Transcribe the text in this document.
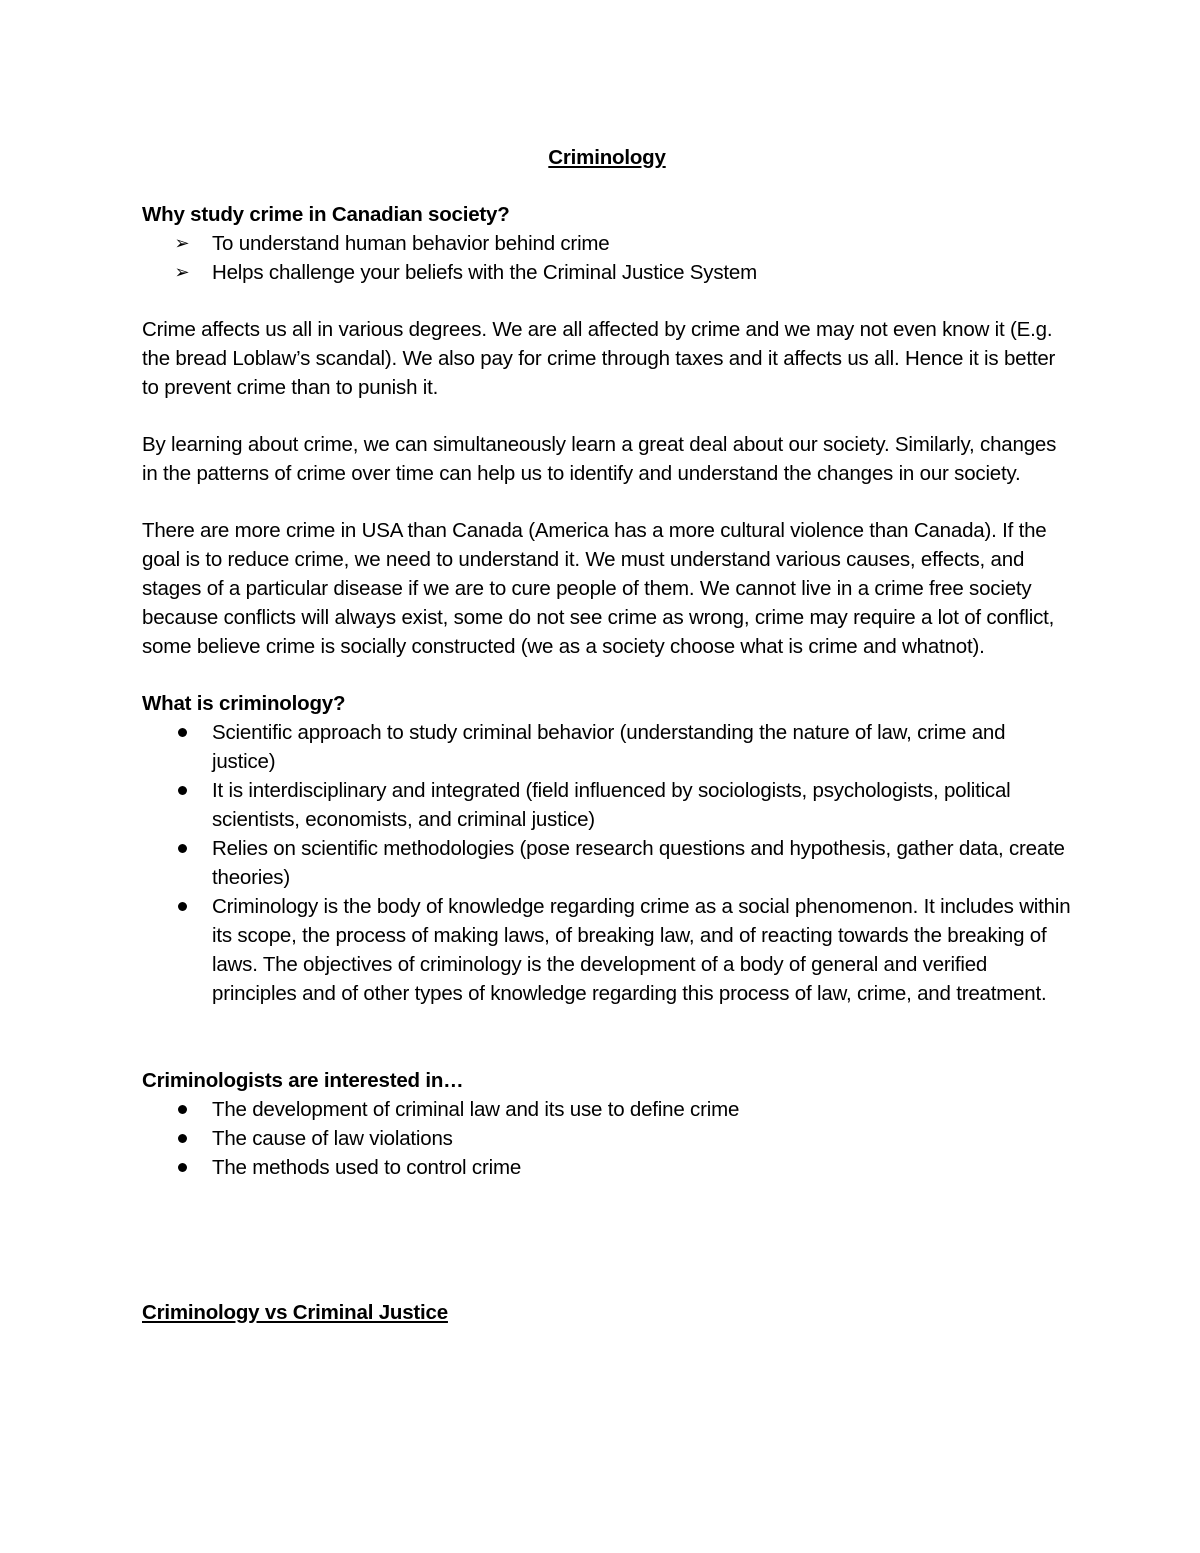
Criminology

Why study crime in Canadian society?

➢ To understand human behavior behind crime
➢ Helps challenge your beliefs with the Criminal Justice System

Crime affects us all in various degrees. We are all affected by crime and we may not even know it (E.g. the bread Loblaw’s scandal). We also pay for crime through taxes and it affects us all. Hence it is better to prevent crime than to punish it.

By learning about crime, we can simultaneously learn a great deal about our society. Similarly, changes in the patterns of crime over time can help us to identify and understand the changes in our society.

There are more crime in USA than Canada (America has a more cultural violence than Canada). If the goal is to reduce crime, we need to understand it. We must understand various causes, effects, and stages of a particular disease if we are to cure people of them. We cannot live in a crime free society because conflicts will always exist, some do not see crime as wrong, crime may require a lot of conflict, some believe crime is socially constructed (we as a society choose what is crime and whatnot).

What is criminology?

Scientific approach to study criminal behavior (understanding the nature of law, crime and justice)
It is interdisciplinary and integrated (field influenced by sociologists, psychologists, political scientists, economists, and criminal justice)
Relies on scientific methodologies (pose research questions and hypothesis, gather data, create theories)
Criminology is the body of knowledge regarding crime as a social phenomenon. It includes within its scope, the process of making laws, of breaking law, and of reacting towards the breaking of laws. The objectives of criminology is the development of a body of general and verified principles and of other types of knowledge regarding this process of law, crime, and treatment.

Criminologists are interested in…

The development of criminal law and its use to define crime
The cause of law violations
The methods used to control crime

Criminology vs Criminal Justice
